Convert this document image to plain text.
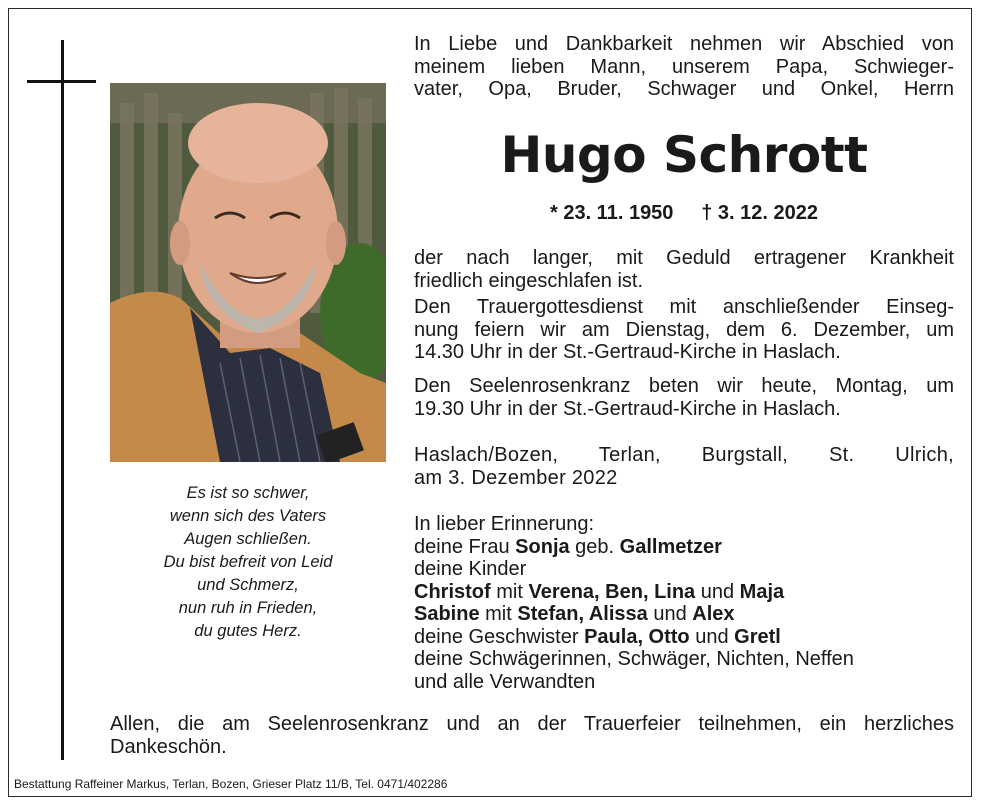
Es ist so schwer,
wenn sich des Vaters
Augen schließen.
Du bist befreit von Leid
und Schmerz,
nun ruh in Frieden,
du gutes Herz.
In Liebe und Dankbarkeit nehmen wir Abschied von
meinem lieben Mann, unserem Papa, Schwieger-
vater, Opa, Bruder, Schwager und Onkel, Herrn
Hugo Schrott
* 23. 11. 1950 † 3. 12. 2022
der nach langer, mit Geduld ertragener Krankheit
friedlich eingeschlafen ist.
Den Trauergottesdienst mit anschließender Einseg-
nung feiern wir am Dienstag, dem 6. Dezember, um
14.30 Uhr in der St.-Gertraud-Kirche in Haslach.
Den Seelenrosenkranz beten wir heute, Montag, um
19.30 Uhr in der St.-Gertraud-Kirche in Haslach.
Haslach/Bozen, Terlan, Burgstall, St. Ulrich,
am 3. Dezember 2022
In lieber Erinnerung:
deine Frau Sonja geb. Gallmetzer
deine Kinder
Christof mit Verena, Ben, Lina und Maja
Sabine mit Stefan, Alissa und Alex
deine Geschwister Paula, Otto und Gretl
deine Schwägerinnen, Schwäger, Nichten, Neffen
und alle Verwandten
Allen, die am Seelenrosenkranz und an der Trauerfeier teilnehmen, ein herzliches
Dankeschön.
Bestattung Raffeiner Markus, Terlan, Bozen, Grieser Platz 11/B, Tel. 0471/402286
